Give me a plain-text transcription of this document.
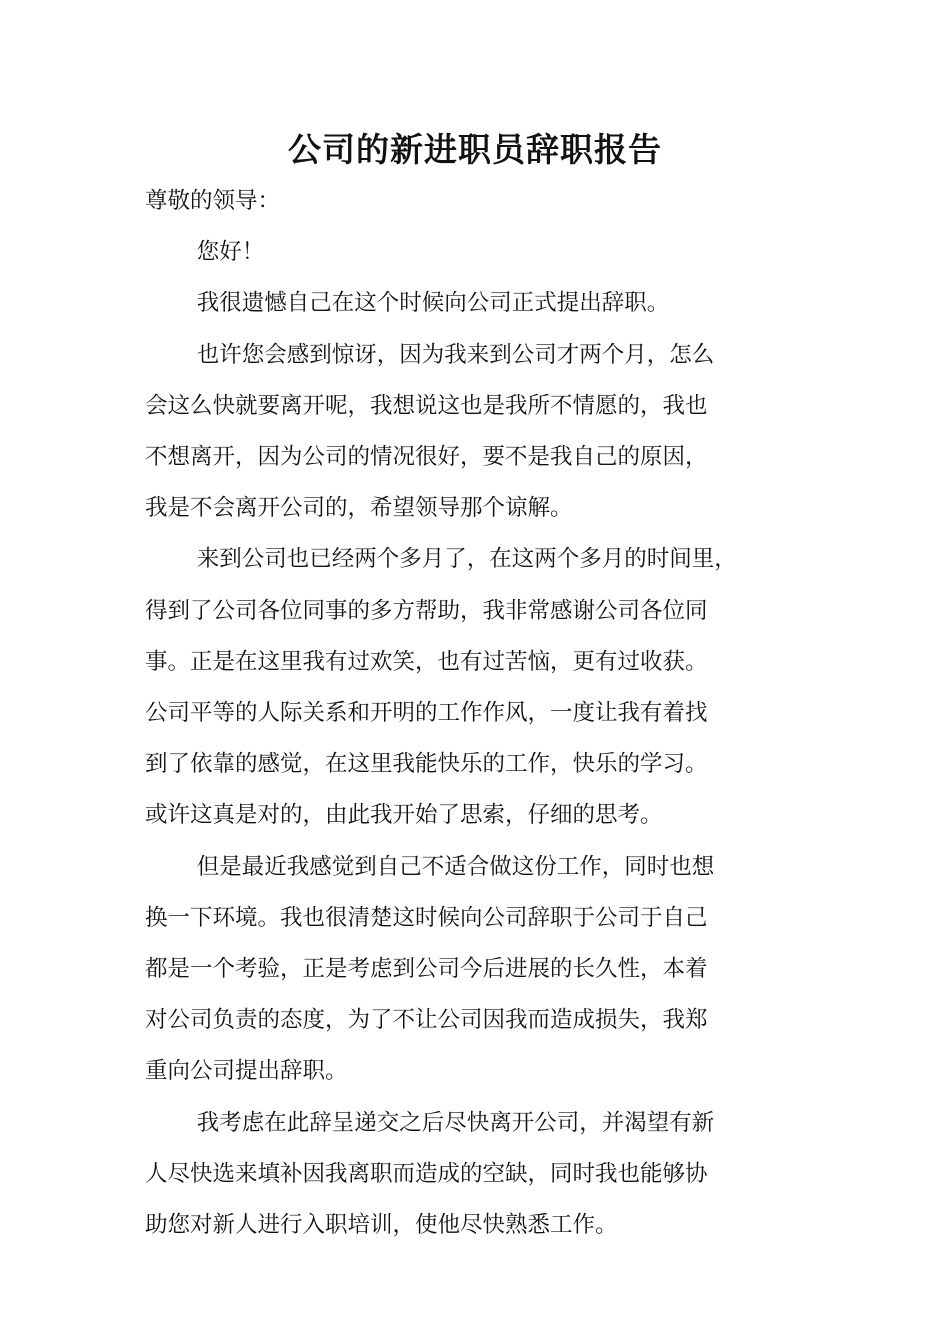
公司的新进职员辞职报告

尊敬的领导：

您好！

我很遗憾自己在这个时候向公司正式提出辞职。

也许您会感到惊讶，因为我来到公司才两个月，怎么
会这么快就要离开呢，我想说这也是我所不情愿的，我也
不想离开，因为公司的情况很好，要不是我自己的原因，
我是不会离开公司的，希望领导那个谅解。

来到公司也已经两个多月了，在这两个多月的时间里，
得到了公司各位同事的多方帮助，我非常感谢公司各位同
事。正是在这里我有过欢笑，也有过苦恼，更有过收获。
公司平等的人际关系和开明的工作作风，一度让我有着找
到了依靠的感觉，在这里我能快乐的工作，快乐的学习。
或许这真是对的，由此我开始了思索，仔细的思考。

但是最近我感觉到自己不适合做这份工作，同时也想
换一下环境。我也很清楚这时候向公司辞职于公司于自己
都是一个考验，正是考虑到公司今后进展的长久性，本着
对公司负责的态度，为了不让公司因我而造成损失，我郑
重向公司提出辞职。

我考虑在此辞呈递交之后尽快离开公司，并渴望有新
人尽快选来填补因我离职而造成的空缺，同时我也能够协
助您对新人进行入职培训，使他尽快熟悉工作。
